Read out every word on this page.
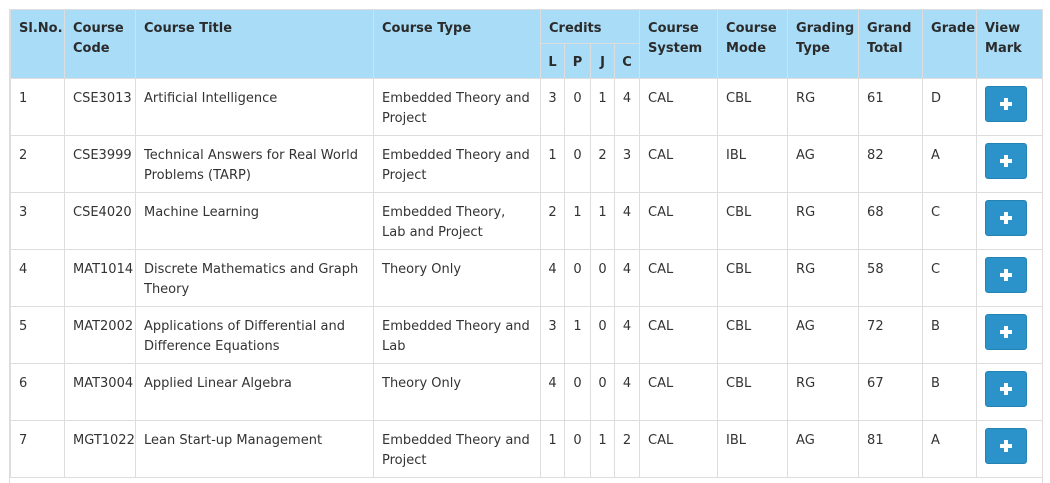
Sl.No.	Course Code	Course Title	Course Type	Credits				Course System	Course Mode	Grading Type	Grand Total	Grade	View Mark
				L	P	J	C						
1	CSE3013	Artificial Intelligence	Embedded Theory and Project	3	0	1	4	CAL	CBL	RG	61	D	

2	CSE3999	Technical Answers for Real World Problems (TARP)	Embedded Theory and Project	1	0	2	3	CAL	IBL	AG	82	A	

3	CSE4020	Machine Learning	Embedded Theory, Lab and Project	2	1	1	4	CAL	CBL	RG	68	C	

4	MAT1014	Discrete Mathematics and Graph Theory	Theory Only	4	0	0	4	CAL	CBL	RG	58	C	

5	MAT2002	Applications of Differential and Difference Equations	Embedded Theory and Lab	3	1	0	4	CAL	CBL	AG	72	B	

6	MAT3004	Applied Linear Algebra	Theory Only	4	0	0	4	CAL	CBL	RG	67	B	

7	MGT1022	Lean Start-up Management	Embedded Theory and Project	1	0	1	2	CAL	IBL	AG	81	A	
